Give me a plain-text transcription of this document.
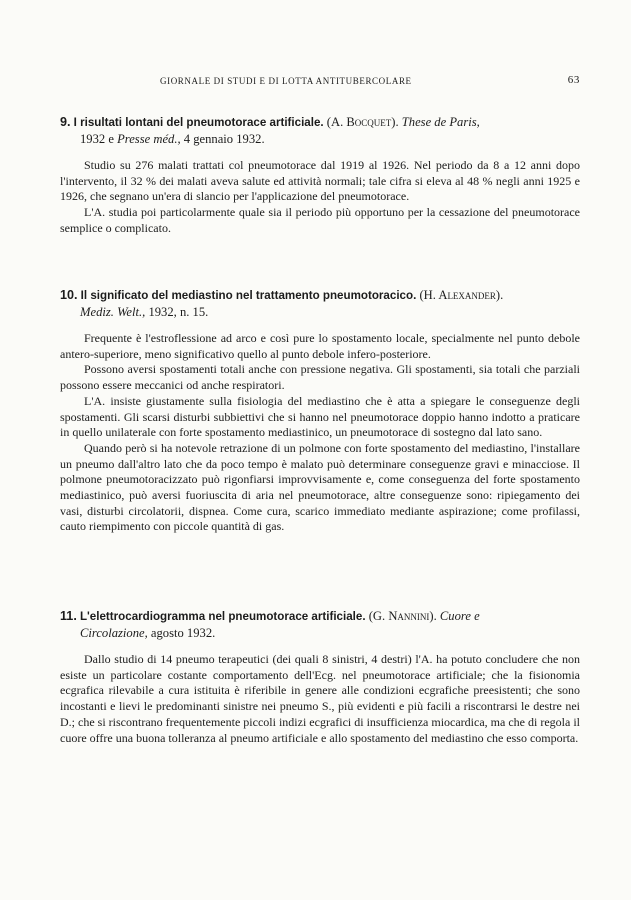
GIORNALE DI STUDI E DI LOTTA ANTITUBERCOLARE	63

9. I risultati lontani del pneumotorace artificiale. (A. Bocquet). These de Paris,
1932 e Presse méd., 4 gennaio 1932.

Studio su 276 malati trattati col pneumotorace dal 1919 al 1926. Nel periodo da 8 a 12 anni dopo l'intervento, il 32 % dei malati aveva salute ed attività normali; tale cifra si eleva al 48 % negli anni 1925 e 1926, che segnano un'era di slancio per l'applicazione del pneumotorace.

L'A. studia poi particolarmente quale sia il periodo più opportuno per la cessazione del pneumotorace semplice o complicato.

10. Il significato del mediastino nel trattamento pneumotoracico. (H. Alexander).
Mediz. Welt., 1932, n. 15.

Frequente è l'estroflessione ad arco e così pure lo spostamento locale, specialmente nel punto debole antero-superiore, meno significativo quello al punto debole infero-posteriore.

Possono aversi spostamenti totali anche con pressione negativa. Gli spostamenti, sia totali che parziali possono essere meccanici od anche respiratori.

L'A. insiste giustamente sulla fisiologia del mediastino che è atta a spiegare le conseguenze degli spostamenti. Gli scarsi disturbi subbiettivi che si hanno nel pneumotorace doppio hanno indotto a praticare in quello unilaterale con forte spostamento mediastinico, un pneumotorace di sostegno dal lato sano.

Quando però si ha notevole retrazione di un polmone con forte spostamento del mediastino, l'installare un pneumo dall'altro lato che da poco tempo è malato può determinare conseguenze gravi e minacciose. Il polmone pneumotoracizzato può rigonfiarsi improvvisamente e, come conseguenza del forte spostamento mediastinico, può aversi fuoriuscita di aria nel pneumotorace, altre conseguenze sono: ripiegamento dei vasi, disturbi circolatorii, dispnea. Come cura, scarico immediato mediante aspirazione; come profilassi, cauto riempimento con piccole quantità di gas.

11. L'elettrocardiogramma nel pneumotorace artificiale. (G. Nannini). Cuore e
Circolazione, agosto 1932.

Dallo studio di 14 pneumo terapeutici (dei quali 8 sinistri, 4 destri) l'A. ha potuto concludere che non esiste un particolare costante comportamento dell'Ecg. nel pneumotorace artificiale; che la fisionomia ecgrafica rilevabile a cura istituita è riferibile in genere alle condizioni ecgrafiche preesistenti; che sono incostanti e lievi le predominanti sinistre nei pneumo S., più evidenti e più facili a riscontrarsi le destre nei D.; che si riscontrano frequentemente piccoli indizi ecgrafici di insufficienza miocardica, ma che di regola il cuore offre una buona tolleranza al pneumo artificiale e allo spostamento del mediastino che esso comporta.
